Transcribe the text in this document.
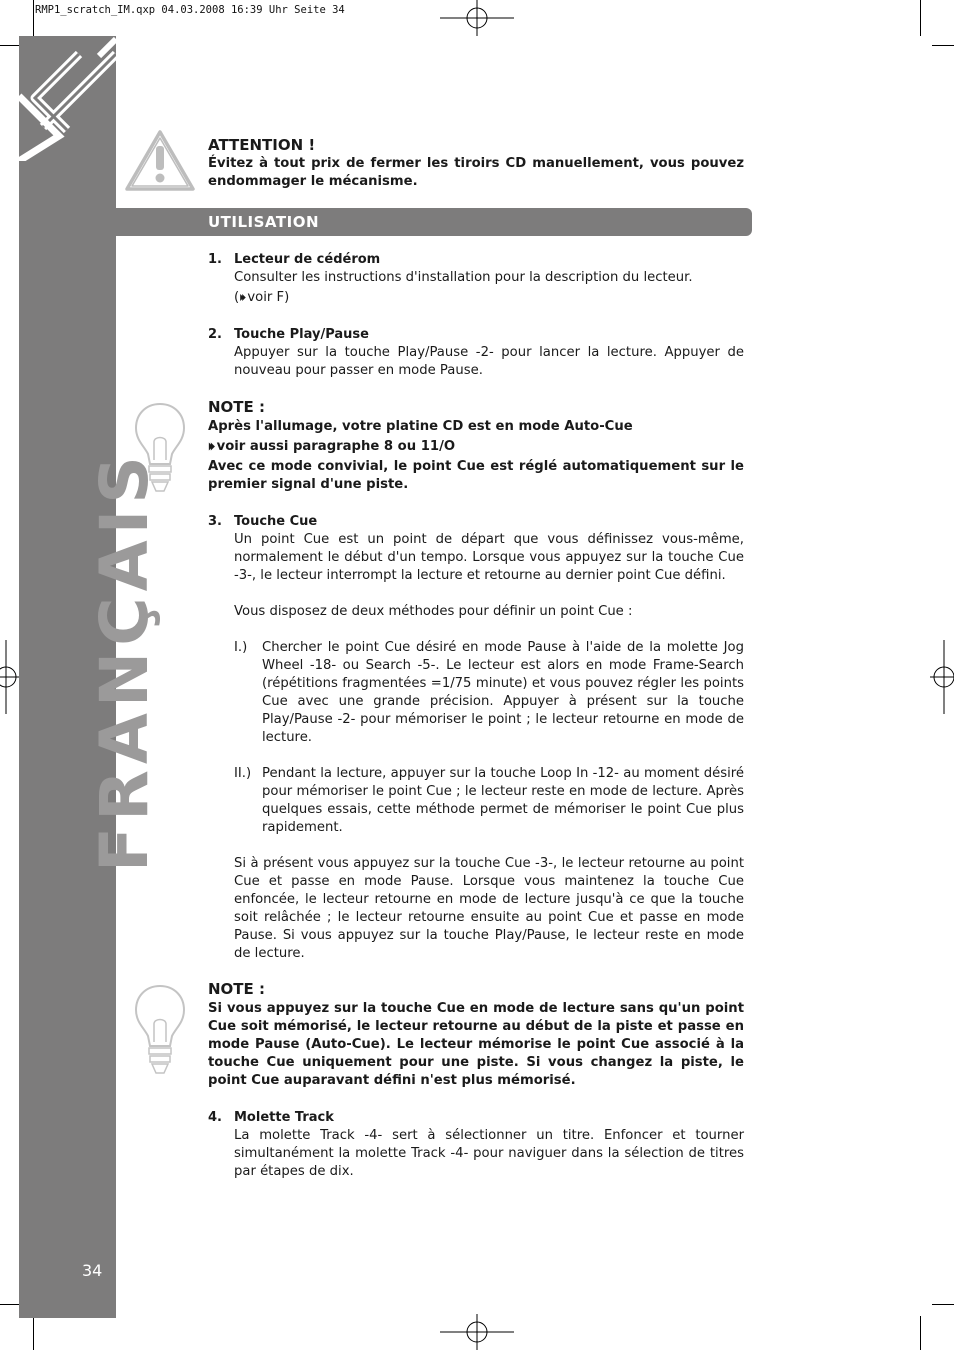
RMP1_scratch_IM.qxp 04.03.2008 16:39 Uhr Seite 34
FRANÇAIS
34

ATTENTION !

Évitez à tout prix de fermer les tiroirs CD manuellement, vous pouvez endommager le mécanisme.

UTILISATION
1. Lecteur de cédérom

Consulter les instructions d'installation pour la description du lecteur.

(⏵⏵ voir F)

2. Touche Play/Pause

Appuyer sur la touche Play/Pause -2- pour lancer la lecture. Appuyer de nouveau pour passer en mode Pause.

NOTE :

Après l'allumage, votre platine CD est en mode Auto-Cue

⏵⏵ voir aussi paragraphe 8 ou 11/O

Avec ce mode convivial, le point Cue est réglé automatiquement sur le premier signal d'une piste.

3. Touche Cue

Un point Cue est un point de départ que vous définissez vous-même, normalement le début d'un tempo. Lorsque vous appuyez sur la touche Cue -3-, le lecteur interrompt la lecture et retourne au dernier point Cue défini.

Vous disposez de deux méthodes pour définir un point Cue :

I.)	Chercher le point Cue désiré en mode Pause à l'aide de la molette Jog Wheel -18- ou Search -5-. Le lecteur est alors en mode Frame-Search (répétitions fragmentées =1/75 minute) et vous pouvez régler les points Cue avec une grande précision. Appuyer à présent sur la touche Play/Pause -2- pour mémoriser le point ; le lecteur retourne en mode de lecture.

II.) Pendant la lecture, appuyer sur la touche Loop In -12- au moment désiré pour mémoriser le point Cue ; le lecteur reste en mode de lecture. Après quelques essais, cette méthode permet de mémoriser le point Cue plus rapidement.

Si à présent vous appuyez sur la touche Cue -3-, le lecteur retourne au point Cue et passe en mode Pause. Lorsque vous maintenez la touche Cue enfoncée, le lecteur retourne en mode de lecture jusqu'à ce que la touche soit relâchée ; le lecteur retourne ensuite au point Cue et passe en mode Pause. Si vous appuyez sur la touche Play/Pause, le lecteur reste en mode de lecture.

NOTE :

Si vous appuyez sur la touche Cue en mode de lecture sans qu'un point Cue soit mémorisé, le lecteur retourne au début de la piste et passe en mode Pause (Auto-Cue). Le lecteur mémorise le point Cue associé à la touche Cue uniquement pour une piste. Si vous changez la piste, le point Cue auparavant défini n'est plus mémorisé.

4. Molette Track

La molette Track -4- sert à sélectionner un titre. Enfoncer et tourner simultanément la molette Track -4- pour naviguer dans la sélection de titres par étapes de dix.
